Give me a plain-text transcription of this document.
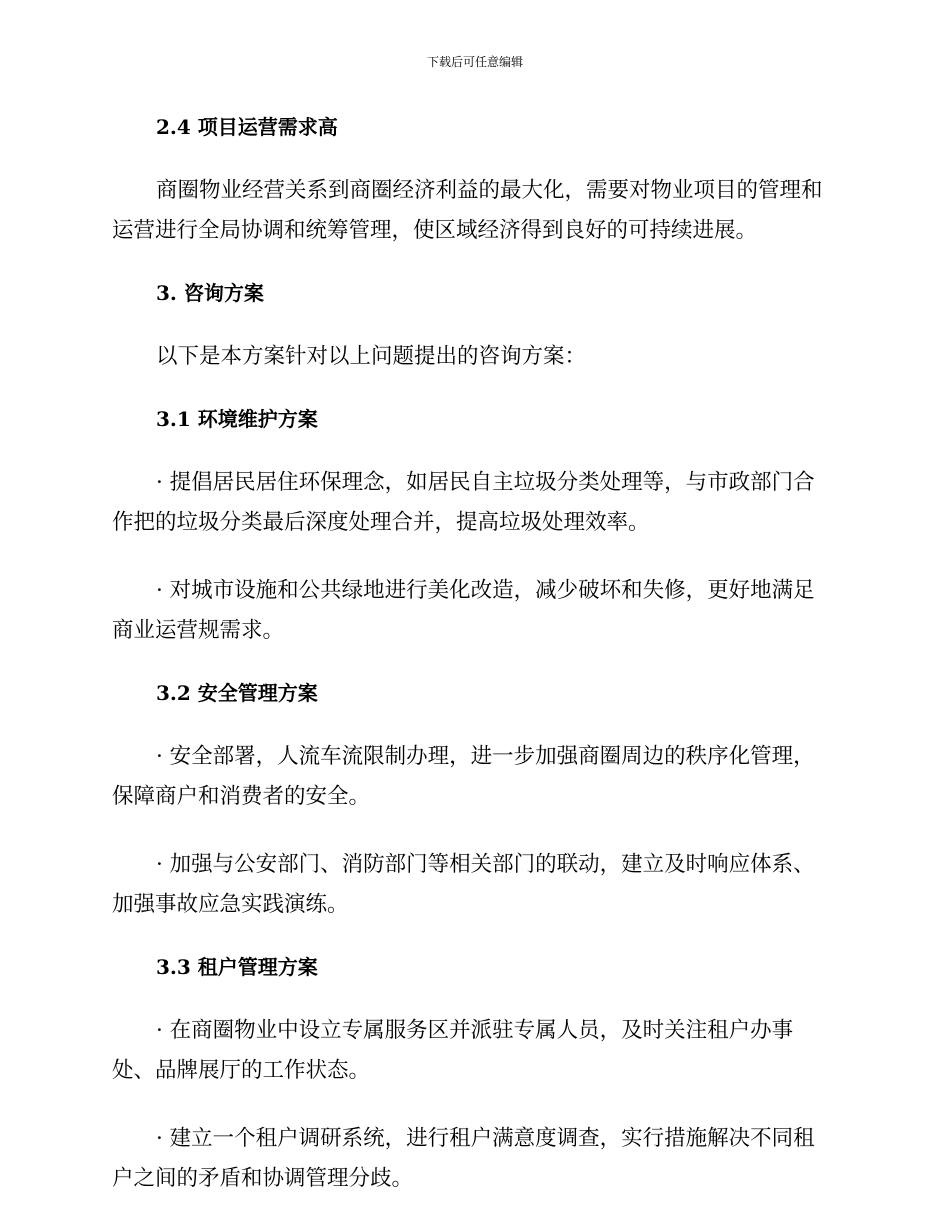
下载后可任意编辑
2.4 项目运营需求高

商圈物业经营关系到商圈经济利益的最大化，需要对物业项目的管理和运营进行全局协调和统筹管理，使区域经济得到良好的可持续进展。

3. 咨询方案

以下是本方案针对以上问题提出的咨询方案：

3.1 环境维护方案

· 提倡居民居住环保理念，如居民自主垃圾分类处理等，与市政部门合作把的垃圾分类最后深度处理合并，提高垃圾处理效率。

· 对城市设施和公共绿地进行美化改造，减少破坏和失修，更好地满足商业运营规需求。

3.2 安全管理方案

· 安全部署，人流车流限制办理，进一步加强商圈周边的秩序化管理，保障商户和消费者的安全。

· 加强与公安部门、消防部门等相关部门的联动，建立及时响应体系、加强事故应急实践演练。

3.3 租户管理方案

· 在商圈物业中设立专属服务区并派驻专属人员，及时关注租户办事处、品牌展厅的工作状态。

· 建立一个租户调研系统，进行租户满意度调查，实行措施解决不同租户之间的矛盾和协调管理分歧。
